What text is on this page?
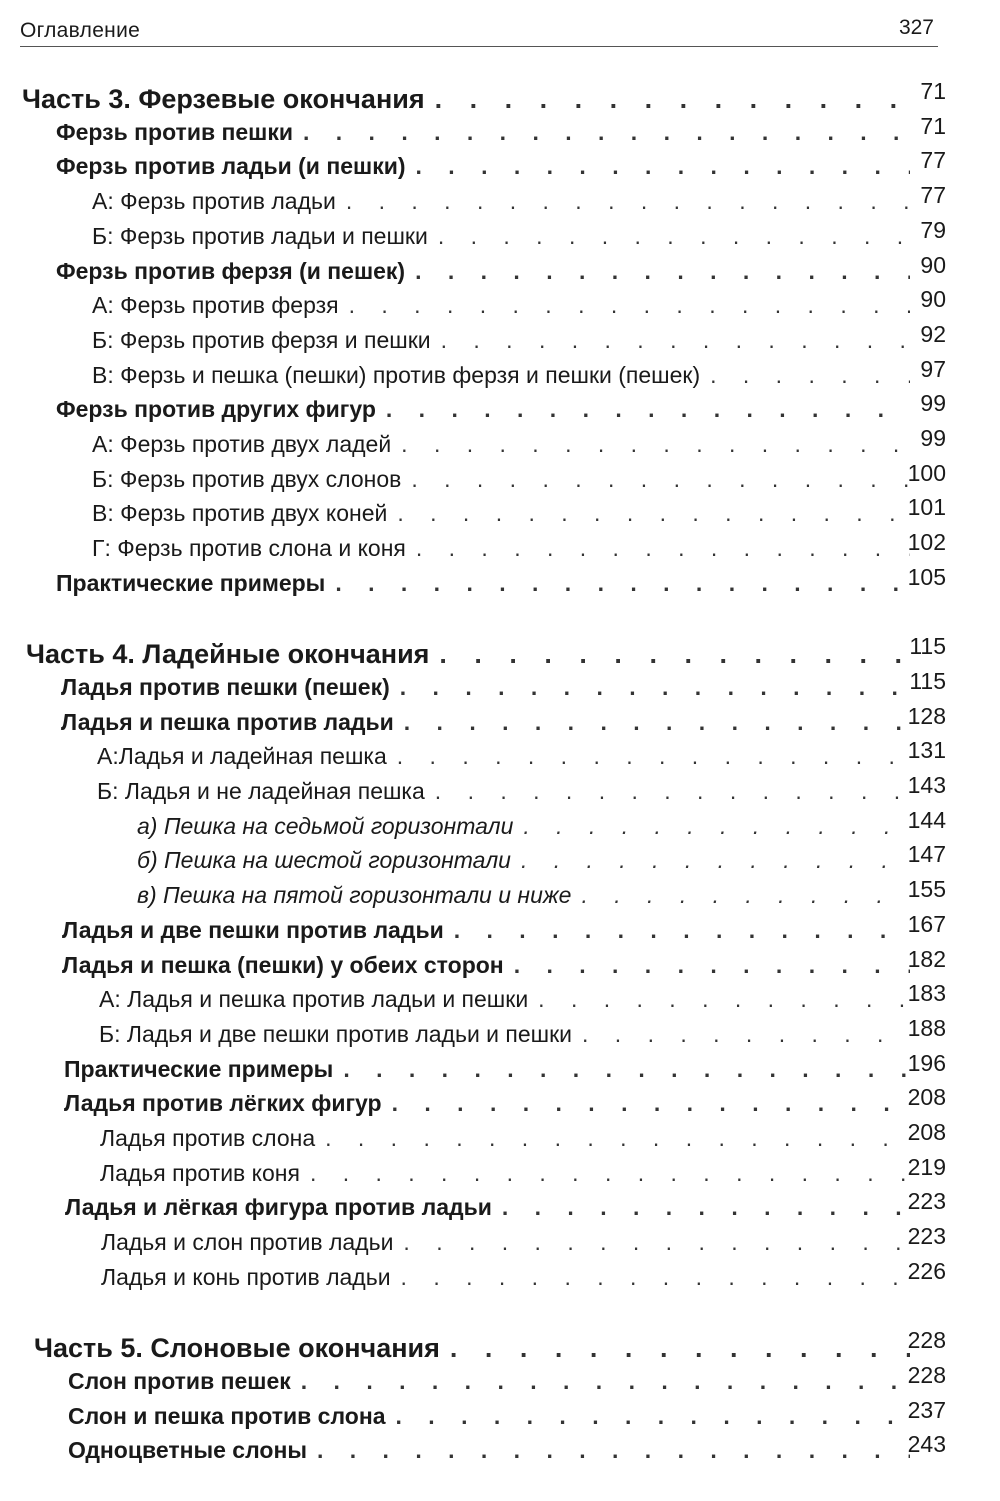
Оглавление	327
Часть 3. Ферзевые окончания . . .	71
Ферзь против пешки . . .	71
Ферзь против ладьи (и пешки) . . .	77
А: Ферзь против ладьи . . .	77
Б: Ферзь против ладьи и пешки . . .	79
Ферзь против ферзя (и пешек) . . .	90
А: Ферзь против ферзя . . .	90
Б: Ферзь против ферзя и пешки . . .	92
В: Ферзь и пешка (пешки) против ферзя и пешки (пешек) . . .	97
Ферзь против других фигур . . .	99
А: Ферзь против двух ладей . . .	99
Б: Ферзь против двух слонов . . .	100
В: Ферзь против двух коней . . .	101
Г: Ферзь против слона и коня . . .	102
Практические примеры . . .	105
Часть 4. Ладейные окончания . . .	115
Ладья против пешки (пешек) . . .	115
Ладья и пешка против ладьи . . .	128
А:Ладья и ладейная пешка . . .	131
Б: Ладья и не ладейная пешка . . .	143
а) Пешка на седьмой горизонтали . . .	144
б) Пешка на шестой горизонтали . . .	147
в) Пешка на пятой горизонтали и ниже . . .	155
Ладья и две пешки против ладьи . . .	167
Ладья и пешка (пешки) у обеих сторон . . .	182
А: Ладья и пешка против ладьи и пешки . . .	183
Б: Ладья и две пешки против ладьи и пешки . . .	188
Практические примеры . . .	196
Ладья против лёгких фигур . . .	208
Ладья против слона . . .	208
Ладья против коня . . .	219
Ладья и лёгкая фигура против ладьи . . .	223
Ладья и слон против ладьи . . .	223
Ладья и конь против ладьи . . .	226
Часть 5. Слоновые окончания . . .	228
Слон против пешек . . .	228
Слон и пешка против слона . . .	237
Одноцветные слоны . . .	243
